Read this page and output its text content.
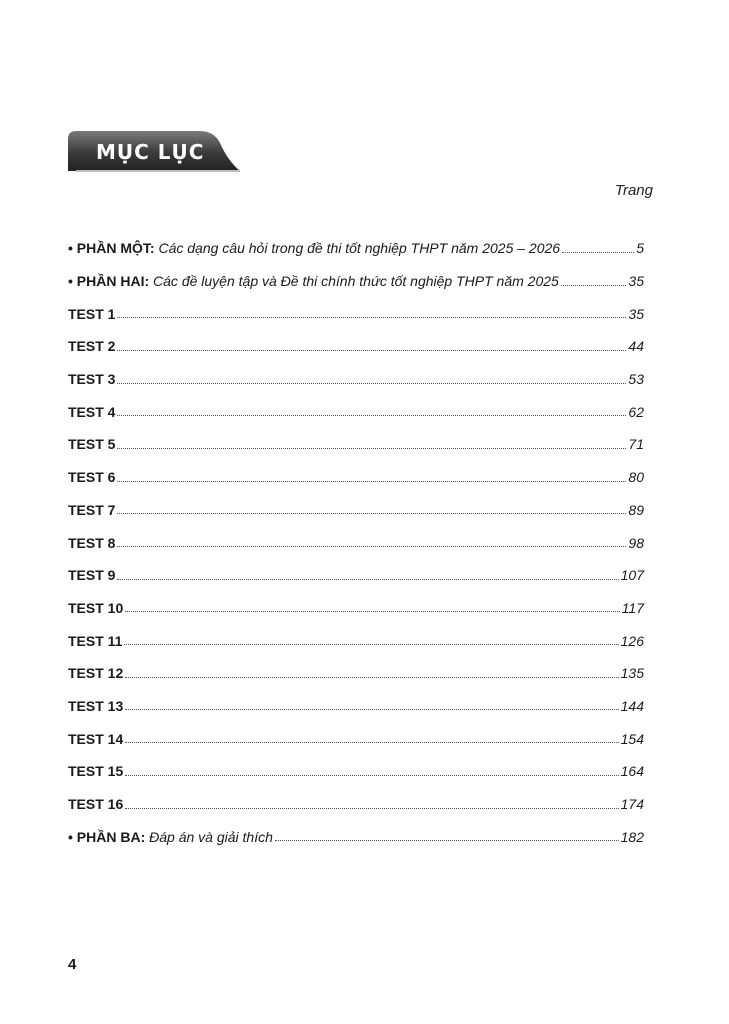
MỤC LỤC
Trang
• PHẦN MỘT: Các dạng câu hỏi trong đề thi tốt nghiệp THPT năm 2025 – 2026	5
• PHẦN HAI: Các đề luyện tập và Đề thi chính thức tốt nghiệp THPT năm 2025	35
TEST 1	35
TEST 2	44
TEST 3	53
TEST 4	62
TEST 5	71
TEST 6	80
TEST 7	89
TEST 8	98
TEST 9	107
TEST 10	117
TEST 11	126
TEST 12	135
TEST 13	144
TEST 14	154
TEST 15	164
TEST 16	174
• PHẦN BA: Đáp án và giải thích	182
4
